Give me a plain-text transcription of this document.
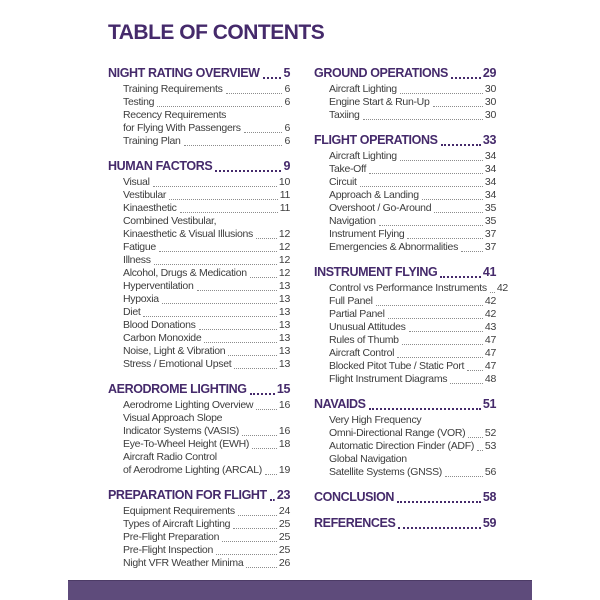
TABLE OF CONTENTS
NIGHT RATING OVERVIEW 5
Training Requirements	6
Testing	6
Recency Requirements
for Flying With Passengers	6
Training Plan	6
HUMAN FACTORS	9
Visual	10
Vestibular	11
Kinaesthetic	11
Combined Vestibular,
Kinaesthetic & Visual Illusions 12
Fatigue	12
Illness	12
Alcohol, Drugs & Medication	12
Hyperventilation	13
Hypoxia	13
Diet	13
Blood Donations	13
Carbon Monoxide	13
Noise, Light & Vibration	13
Stress / Emotional Upset	13
AERODROME LIGHTING 15
Aerodrome Lighting Overview 16
Visual Approach Slope
Indicator Systems (VASIS)	16
Eye-To-Wheel Height (EWH)	18
Aircraft Radio Control
of Aerodrome Lighting (ARCAL) 19
PREPARATION FOR FLIGHT 23
Equipment Requirements	24
Types of Aircraft Lighting	25
Pre-Flight Preparation	25
Pre-Flight Inspection	25
Night VFR Weather Minima	26
GROUND OPERATIONS	29
Aircraft Lighting	30
Engine Start & Run-Up	30
Taxiing	30
FLIGHT OPERATIONS	33
Aircraft Lighting	34
Take-Off	34
Circuit	34
Approach & Landing	34
Overshoot / Go-Around	35
Navigation	35
Instrument Flying	37
Emergencies & Abnormalities	37
INSTRUMENT FLYING	41
Control vs Performance Instruments 42
Full Panel	42
Partial Panel	42
Unusual Attitudes	43
Rules of Thumb	47
Aircraft Control	47
Blocked Pitot Tube / Static Port 47
Flight Instrument Diagrams	48
NAVAIDS	51
Very High Frequency
Omni-Directional Range (VOR) 52
Automatic Direction Finder (ADF) 53
Global Navigation
Satellite Systems (GNSS)	56
CONCLUSION	58
REFERENCES	59
